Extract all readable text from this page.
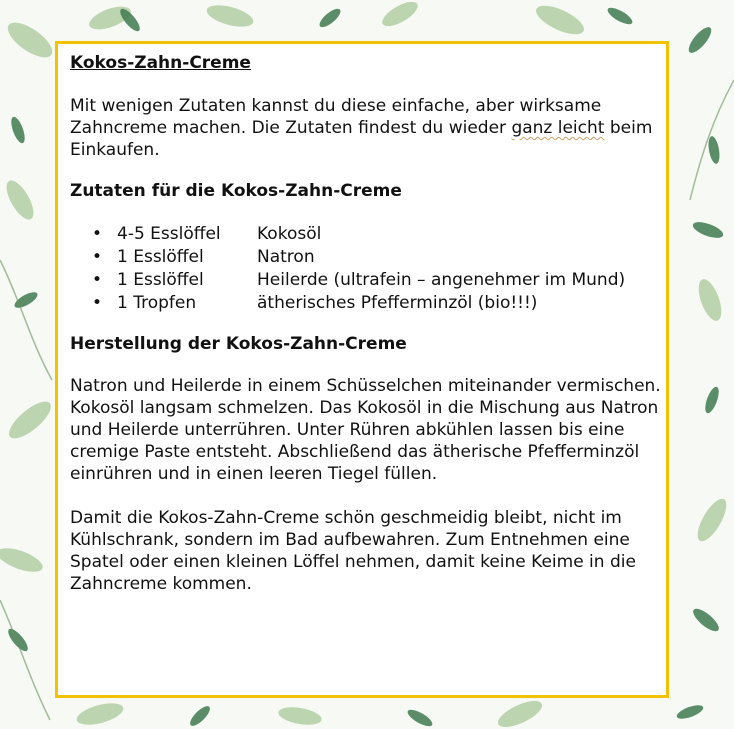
Kokos-Zahn-Creme

Mit wenigen Zutaten kannst du diese einfache, aber wirksame Zahncreme machen. Die Zutaten findest du wieder ganz leicht beim Einkaufen.

Zutaten für die Kokos-Zahn-Creme
• 4-5 Esslöffel	Kokosöl
• 1 Esslöffel	Natron
• 1 Esslöffel	Heilerde (ultrafein – angenehmer im Mund)
• 1 Tropfen	ätherisches Pfefferminzöl (bio!!!)
Herstellung der Kokos-Zahn-Creme

Natron und Heilerde in einem Schüsselchen miteinander vermischen. Kokosöl langsam schmelzen. Das Kokosöl in die Mischung aus Natron und Heilerde unterrühren. Unter Rühren abkühlen lassen bis eine cremige Paste entsteht. Abschließend das ätherische Pfefferminzöl einrühren und in einen leeren Tiegel füllen.

Damit die Kokos-Zahn-Creme schön geschmeidig bleibt, nicht im Kühlschrank, sondern im Bad aufbewahren. Zum Entnehmen eine Spatel oder einen kleinen Löffel nehmen, damit keine Keime in die Zahncreme kommen.
